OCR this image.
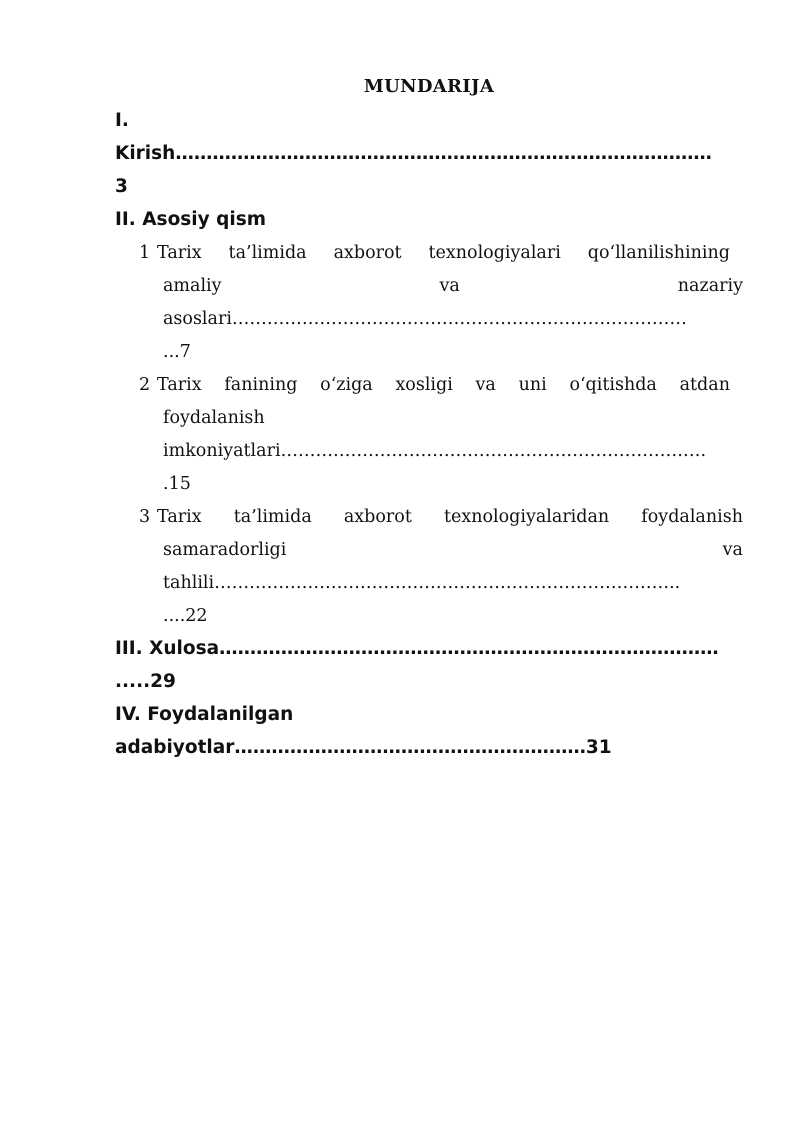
MUNDARIJA
I.
Kirish……………………………………………………………………………
3
II. Asosiy qism
1 Tarix ta’limida axborot texnologiyalari qo‘llanilishining
amaliy	va	nazariy
asoslari……………………………………………………………………
...7
2 Tarix fanining o‘ziga xosligi va uni o‘qitishda atdan
foydalanish
imkoniyatlari……………………………………………………………….
.15
3 Tarix ta’limida axborot texnologiyalaridan foydalanish
samaradorligi	va
tahlili……………………………………………………………………..
....22
III. Xulosa………………………………………………………………………
.....29
IV. Foydalanilgan
adabiyotlar…………………………………………………31
